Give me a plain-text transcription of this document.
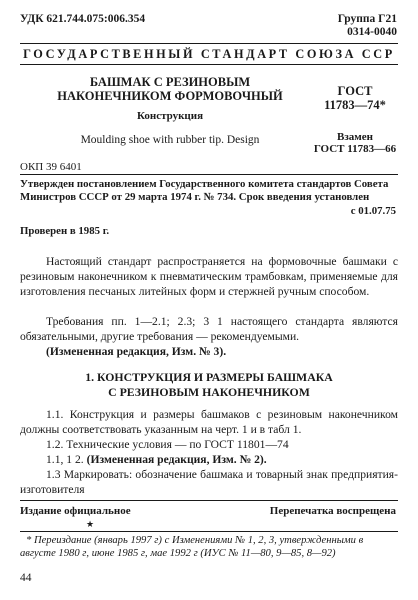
УДК 621.744.075:006.354	Группа Г21
0314-0040
ГОСУДАРСТВЕННЫЙ СТАНДАРТ СОЮЗА ССР
БАШМАК С РЕЗИНОВЫМ
НАКОНЕЧНИКОМ ФОРМОВОЧНЫЙ
Конструкция
Moulding shoe with rubber tip. Design
ГОСТ
11783—74*
Взамен
ГОСТ 11783—66
ОКП 39 6401
Утвержден постановлением Государственного комитета стандартов Совета
Министров СССР от 29 марта 1974 г. № 734. Срок введения установлен
с 01.07.75
Проверен в 1985 г.
Настоящий стандарт распространяется на формовочные башмаки с резиновым наконечником к пневматическим трамбовкам, применяемые для изготовления песчаных литейных форм и стержней ручным способом.
Требования пп. 1—2.1; 2.3; 3 1 настоящего стандарта являются обязательными, другие требования — рекомендуемыми.
(Измененная редакция, Изм. № 3).
1. КОНСТРУКЦИЯ И РАЗМЕРЫ БАШМАКА
С РЕЗИНОВЫМ НАКОНЕЧНИКОМ
1.1. Конструкция и размеры башмаков с резиновым наконечником должны соответствовать указанным на черт. 1 и в табл 1.
1.2. Технические условия — по ГОСТ 11801—74
1.1, 1 2. (Измененная редакция, Изм. № 2).
1.3 Маркировать: обозначение башмака и товарный знак предприятия-изготовителя
Издание официальное	Перепечатка воспрещена
★
* Переиздание (январь 1997 г) с Изменениями № 1, 2, 3, утвержденными в августе 1980 г, июне 1985 г, мае 1992 г (ИУС № 11—80, 9—85, 8—92)
44
